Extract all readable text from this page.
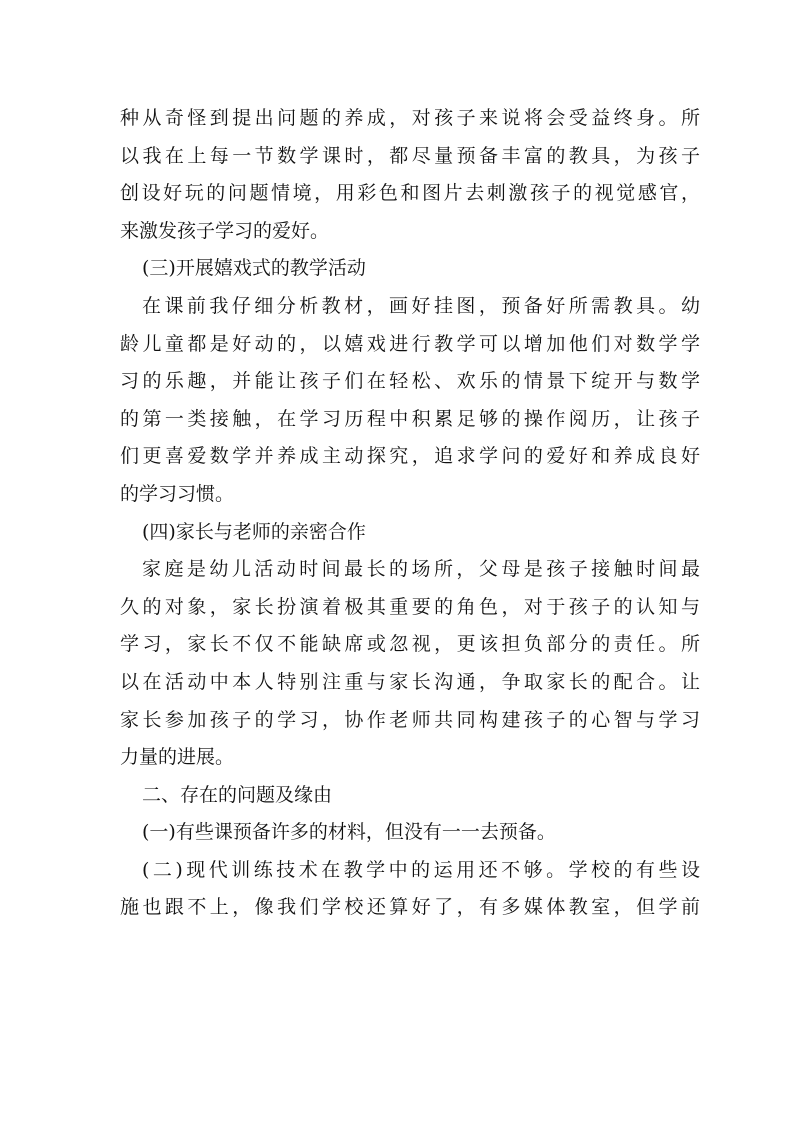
种从奇怪到提出问题的养成，对孩子来说将会受益终身。所
以我在上每一节数学课时，都尽量预备丰富的教具，为孩子
创设好玩的问题情境，用彩色和图片去刺激孩子的视觉感官，
来激发孩子学习的爱好。
(三)开展嬉戏式的教学活动
在课前我仔细分析教材，画好挂图，预备好所需教具。幼
龄儿童都是好动的，以嬉戏进行教学可以增加他们对数学学
习的乐趣，并能让孩子们在轻松、欢乐的情景下绽开与数学
的第一类接触，在学习历程中积累足够的操作阅历，让孩子
们更喜爱数学并养成主动探究，追求学问的爱好和养成良好
的学习习惯。
(四)家长与老师的亲密合作
家庭是幼儿活动时间最长的场所，父母是孩子接触时间最
久的对象，家长扮演着极其重要的角色，对于孩子的认知与
学习，家长不仅不能缺席或忽视，更该担负部分的责任。所
以在活动中本人特别注重与家长沟通，争取家长的配合。让
家长参加孩子的学习，协作老师共同构建孩子的心智与学习
力量的进展。
二、存在的问题及缘由
(一)有些课预备许多的材料，但没有一一去预备。
(二)现代训练技术在教学中的运用还不够。学校的有些设
施也跟不上，像我们学校还算好了，有多媒体教室，但学前
